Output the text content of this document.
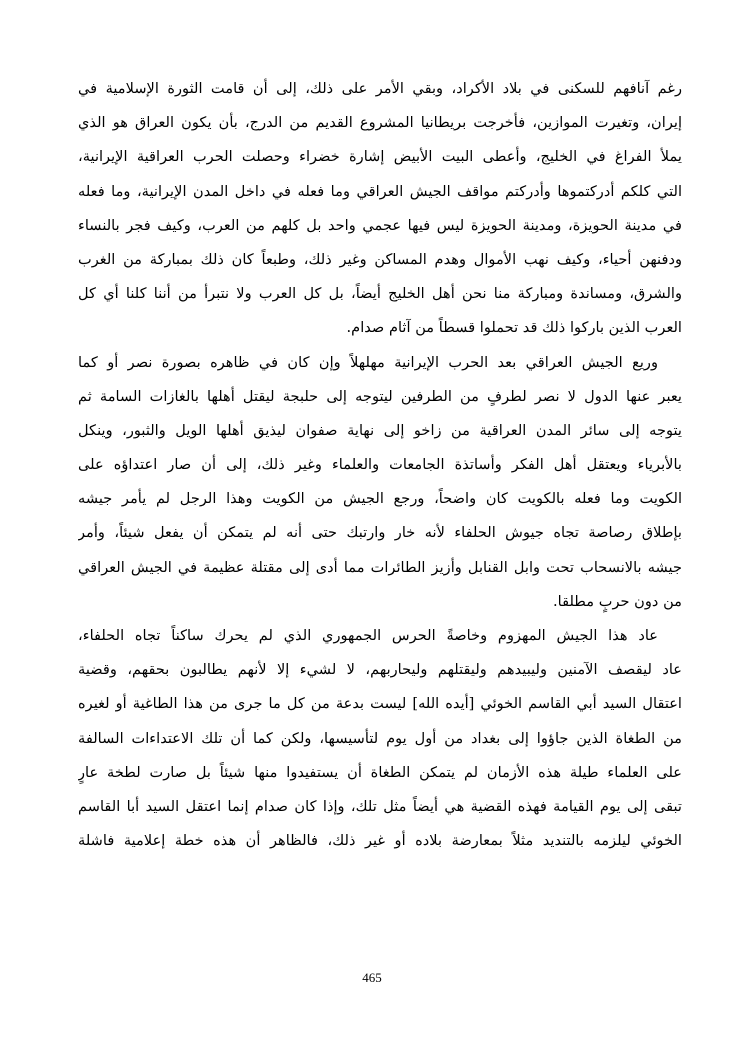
رغم آنافهم للسكنى في بلاد الأكراد، وبقي الأمر على ذلك، إلى أن قامت الثورة الإسلامية في
إيران، وتغيرت الموازين، فأخرجت بريطانيا المشروع القديم من الدرج، بأن يكون العراق هو الذي
يملأ الفراغ في الخليج، وأعطى البيت الأبيض إشارة خضراء وحصلت الحرب العراقية الإيرانية،
التي كلكم أدركتموها وأدركتم مواقف الجيش العراقي وما فعله في داخل المدن الإيرانية، وما فعله
في مدينة الحويزة، ومدينة الحويزة ليس فيها عجمي واحد بل كلهم من العرب، وكيف فجر بالنساء
ودفنهن أحياء، وكيف نهب الأموال وهدم المساكن وغير ذلك، وطبعاً كان ذلك بمباركة من الغرب
والشرق، ومساندة ومباركة منا نحن أهل الخليج أيضاً، بل كل العرب ولا نتبرأ من أننا كلنا أي كل
العرب الذين باركوا ذلك قد تحملوا قسطاً من آثام صدام.
وريع الجيش العراقي بعد الحرب الإيرانية مهلهلاً وإن كان في ظاهره بصورة نصر أو كما
يعبر عنها الدول لا نصر لطرفٍ من الطرفين ليتوجه إلى حلبجة ليقتل أهلها بالغازات السامة ثم
يتوجه إلى سائر المدن العراقية من زاخو إلى نهاية صفوان ليذيق أهلها الويل والثبور، وينكل
بالأبرياء ويعتقل أهل الفكر وأساتذة الجامعات والعلماء وغير ذلك، إلى أن صار اعتداؤه على
الكويت وما فعله بالكويت كان واضحاً، ورجع الجيش من الكويت وهذا الرجل لم يأمر جيشه
بإطلاق رصاصة تجاه جيوش الحلفاء لأنه خار وارتبك حتى أنه لم يتمكن أن يفعل شيئاً، وأمر
جيشه بالانسحاب تحت وابل القنابل وأزيز الطائرات مما أدى إلى مقتلة عظيمة في الجيش العراقي
من دون حربٍ مطلقا.
عاد هذا الجيش المهزوم وخاصةً الحرس الجمهوري الذي لم يحرك ساكناً تجاه الحلفاء،
عاد ليقصف الآمنين وليبيدهم وليقتلهم وليحاربهم، لا لشيء إلا لأنهم يطالبون بحقهم، وقضية
اعتقال السيد أبي القاسم الخوئي [أيده الله] ليست بدعة من كل ما جرى من هذا الطاغية أو لغيره
من الطغاة الذين جاؤوا إلى بغداد من أول يوم لتأسيسها، ولكن كما أن تلك الاعتداءات السالفة
على العلماء طيلة هذه الأزمان لم يتمكن الطغاة أن يستفيدوا منها شيئاً بل صارت لطخة عارٍ
تبقى إلى يوم القيامة فهذه القضية هي أيضاً مثل تلك، وإذا كان صدام إنما اعتقل السيد أبا القاسم
الخوئي ليلزمه بالتنديد مثلاً بمعارضة بلاده أو غير ذلك، فالظاهر أن هذه خطة إعلامية فاشلة
465
